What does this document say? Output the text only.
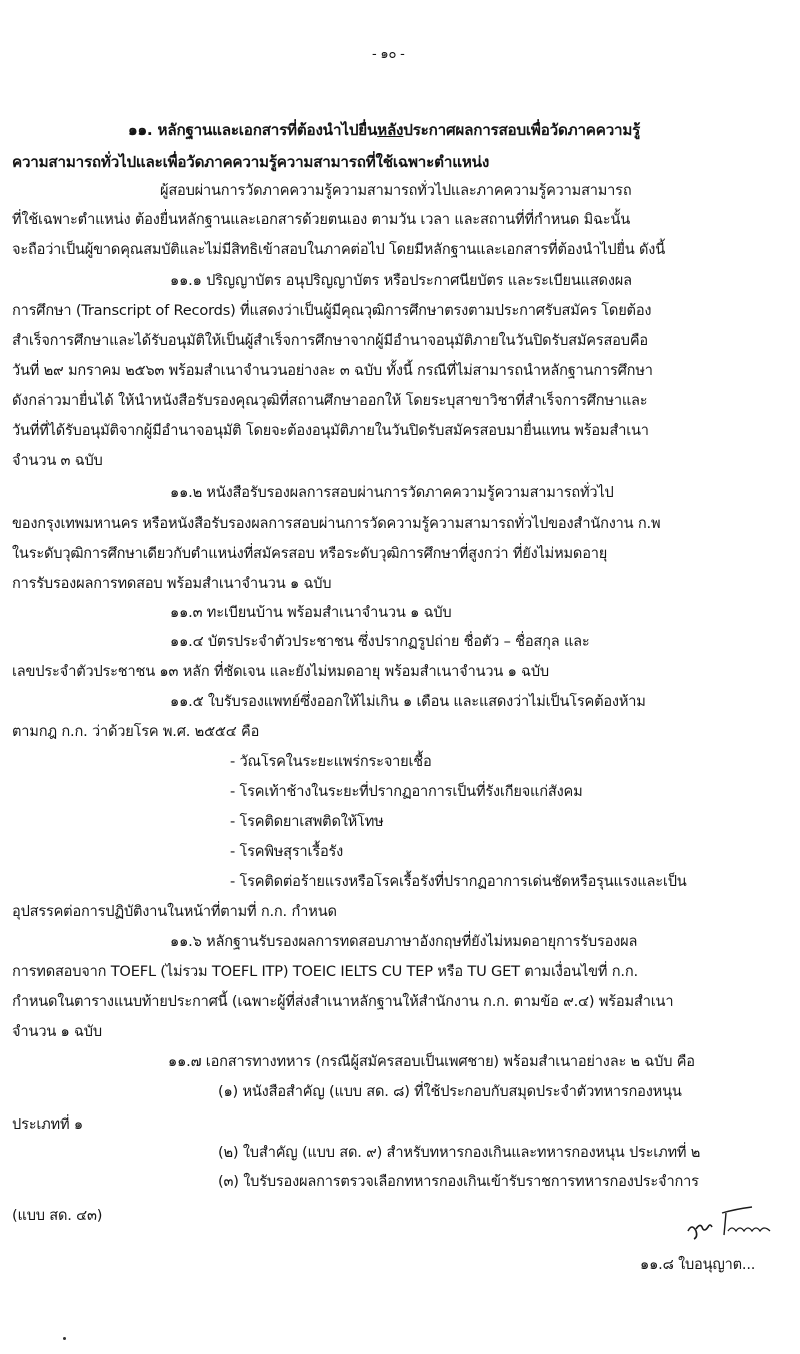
- ๑๐ -
๑๑. หลักฐานและเอกสารที่ต้องนำไปยื่นหลังประกาศผลการสอบเพื่อวัดภาคความรู้
ความสามารถทั่วไปและเพื่อวัดภาคความรู้ความสามารถที่ใช้เฉพาะตำแหน่ง
ผู้สอบผ่านการวัดภาคความรู้ความสามารถทั่วไปและภาคความรู้ความสามารถ
ที่ใช้เฉพาะตำแหน่ง ต้องยื่นหลักฐานและเอกสารด้วยตนเอง ตามวัน เวลา และสถานที่ที่กำหนด มิฉะนั้น
จะถือว่าเป็นผู้ขาดคุณสมบัติและไม่มีสิทธิเข้าสอบในภาคต่อไป โดยมีหลักฐานและเอกสารที่ต้องนำไปยื่น ดังนี้
๑๑.๑ ปริญญาบัตร อนุปริญญาบัตร หรือประกาศนียบัตร และระเบียนแสดงผล
การศึกษา (Transcript of Records) ที่แสดงว่าเป็นผู้มีคุณวุฒิการศึกษาตรงตามประกาศรับสมัคร โดยต้อง
สำเร็จการศึกษาและได้รับอนุมัติให้เป็นผู้สำเร็จการศึกษาจากผู้มีอำนาจอนุมัติภายในวันปิดรับสมัครสอบคือ
วันที่ ๒๙ มกราคม ๒๕๖๓ พร้อมสำเนาจำนวนอย่างละ ๓ ฉบับ ทั้งนี้ กรณีที่ไม่สามารถนำหลักฐานการศึกษา
ดังกล่าวมายื่นได้ ให้นำหนังสือรับรองคุณวุฒิที่สถานศึกษาออกให้ โดยระบุสาขาวิชาที่สำเร็จการศึกษาและ
วันที่ที่ได้รับอนุมัติจากผู้มีอำนาจอนุมัติ โดยจะต้องอนุมัติภายในวันปิดรับสมัครสอบมายื่นแทน พร้อมสำเนา
จำนวน ๓ ฉบับ
๑๑.๒ หนังสือรับรองผลการสอบผ่านการวัดภาคความรู้ความสามารถทั่วไป
ของกรุงเทพมหานคร หรือหนังสือรับรองผลการสอบผ่านการวัดความรู้ความสามารถทั่วไปของสำนักงาน ก.พ
ในระดับวุฒิการศึกษาเดียวกับตำแหน่งที่สมัครสอบ หรือระดับวุฒิการศึกษาที่สูงกว่า ที่ยังไม่หมดอายุ
การรับรองผลการทดสอบ พร้อมสำเนาจำนวน ๑ ฉบับ
๑๑.๓ ทะเบียนบ้าน พร้อมสำเนาจำนวน ๑ ฉบับ
๑๑.๔ บัตรประจำตัวประชาชน ซึ่งปรากฏรูปถ่าย ชื่อตัว – ชื่อสกุล และ
เลขประจำตัวประชาชน ๑๓ หลัก ที่ชัดเจน และยังไม่หมดอายุ พร้อมสำเนาจำนวน ๑ ฉบับ
๑๑.๕ ใบรับรองแพทย์ซึ่งออกให้ไม่เกิน ๑ เดือน และแสดงว่าไม่เป็นโรคต้องห้าม
ตามกฎ ก.ก. ว่าด้วยโรค พ.ศ. ๒๕๕๔ คือ
- วัณโรคในระยะแพร่กระจายเชื้อ
- โรคเท้าช้างในระยะที่ปรากฏอาการเป็นที่รังเกียจแก่สังคม
- โรคติดยาเสพติดให้โทษ
- โรคพิษสุราเรื้อรัง
- โรคติดต่อร้ายแรงหรือโรคเรื้อรังที่ปรากฏอาการเด่นชัดหรือรุนแรงและเป็น
อุปสรรคต่อการปฏิบัติงานในหน้าที่ตามที่ ก.ก. กำหนด
๑๑.๖ หลักฐานรับรองผลการทดสอบภาษาอังกฤษที่ยังไม่หมดอายุการรับรองผล
การทดสอบจาก TOEFL (ไม่รวม TOEFL ITP) TOEIC IELTS CU TEP หรือ TU GET ตามเงื่อนไขที่ ก.ก.
กำหนดในตารางแนบท้ายประกาศนี้ (เฉพาะผู้ที่ส่งสำเนาหลักฐานให้สำนักงาน ก.ก. ตามข้อ ๙.๔) พร้อมสำเนา
จำนวน ๑ ฉบับ
๑๑.๗ เอกสารทางทหาร (กรณีผู้สมัครสอบเป็นเพศชาย) พร้อมสำเนาอย่างละ ๒ ฉบับ คือ
(๑) หนังสือสำคัญ (แบบ สด. ๘) ที่ใช้ประกอบกับสมุดประจำตัวทหารกองหนุน
ประเภทที่ ๑
(๒) ใบสำคัญ (แบบ สด. ๙) สำหรับทหารกองเกินและทหารกองหนุน ประเภทที่ ๒
(๓) ใบรับรองผลการตรวจเลือกทหารกองเกินเข้ารับราชการทหารกองประจำการ
(แบบ สด. ๔๓)
๑๑.๘ ใบอนุญาต...
